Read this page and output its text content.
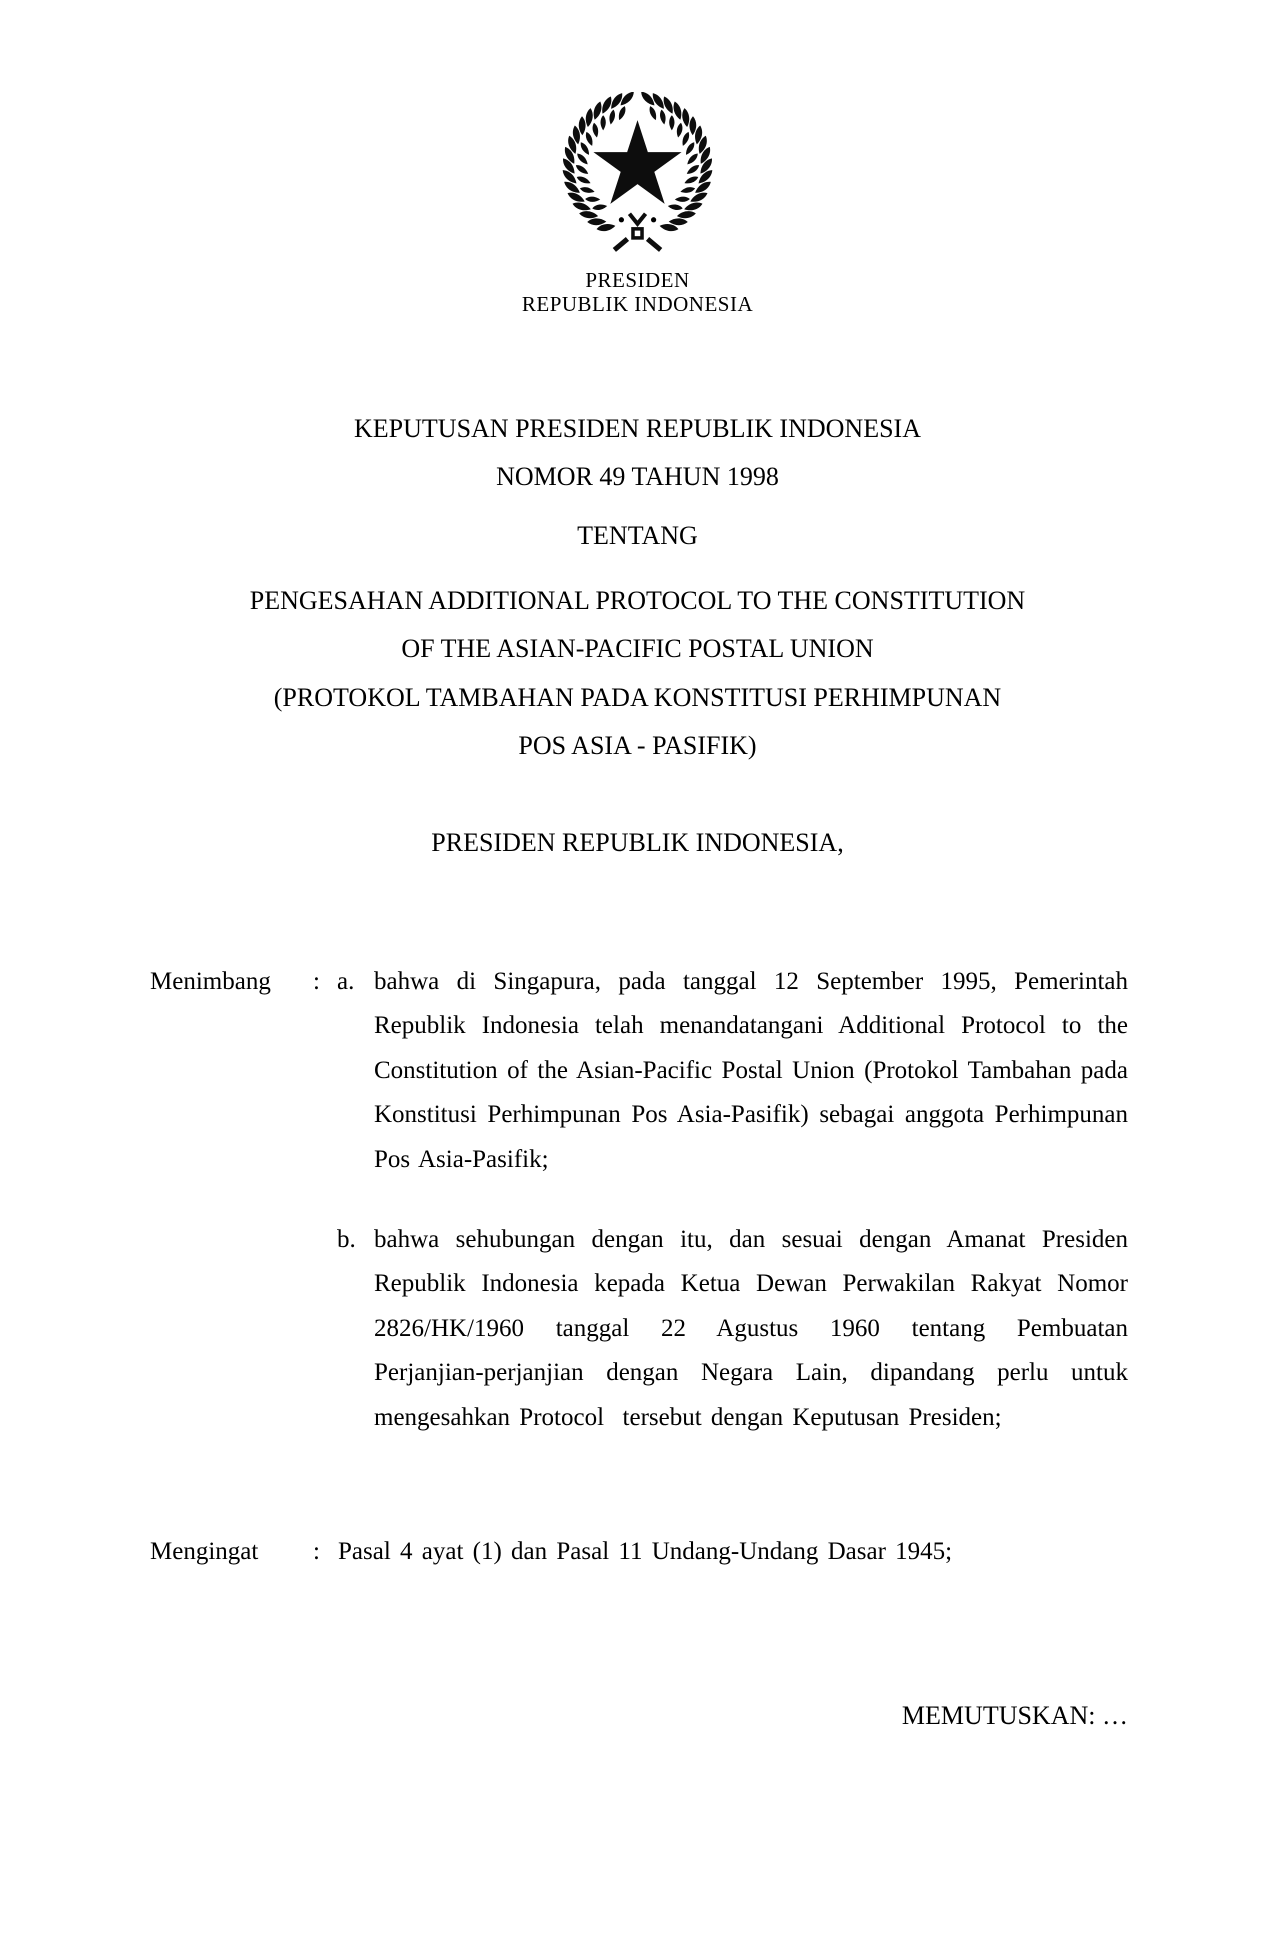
PRESIDEN
REPUBLIK INDONESIA
KEPUTUSAN PRESIDEN REPUBLIK INDONESIA
NOMOR 49 TAHUN 1998
TENTANG
PENGESAHAN ADDITIONAL PROTOCOL TO THE CONSTITUTION
OF THE ASIAN-PACIFIC POSTAL UNION
(PROTOKOL TAMBAHAN PADA KONSTITUSI PERHIMPUNAN
POS ASIA - PASIFIK)
PRESIDEN REPUBLIK INDONESIA,
Menimbang : a. bahwa di Singapura, pada tanggal 12 September 1995, Pemerintah
Republik Indonesia telah menandatangani Additional Protocol to the
Constitution of the Asian-Pacific Postal Union (Protokol Tambahan pada
Konstitusi Perhimpunan Pos Asia-Pasifik) sebagai anggota Perhimpunan
Pos Asia-Pasifik;
b. bahwa sehubungan dengan itu, dan sesuai dengan Amanat Presiden
Republik Indonesia kepada Ketua Dewan Perwakilan Rakyat Nomor
2826/HK/1960 tanggal 22 Agustus 1960 tentang Pembuatan
Perjanjian-perjanjian dengan Negara Lain, dipandang perlu untuk
mengesahkan Protocol  tersebut dengan Keputusan Presiden;
Mengingat : Pasal 4 ayat (1) dan Pasal 11 Undang-Undang Dasar 1945;
MEMUTUSKAN: …
